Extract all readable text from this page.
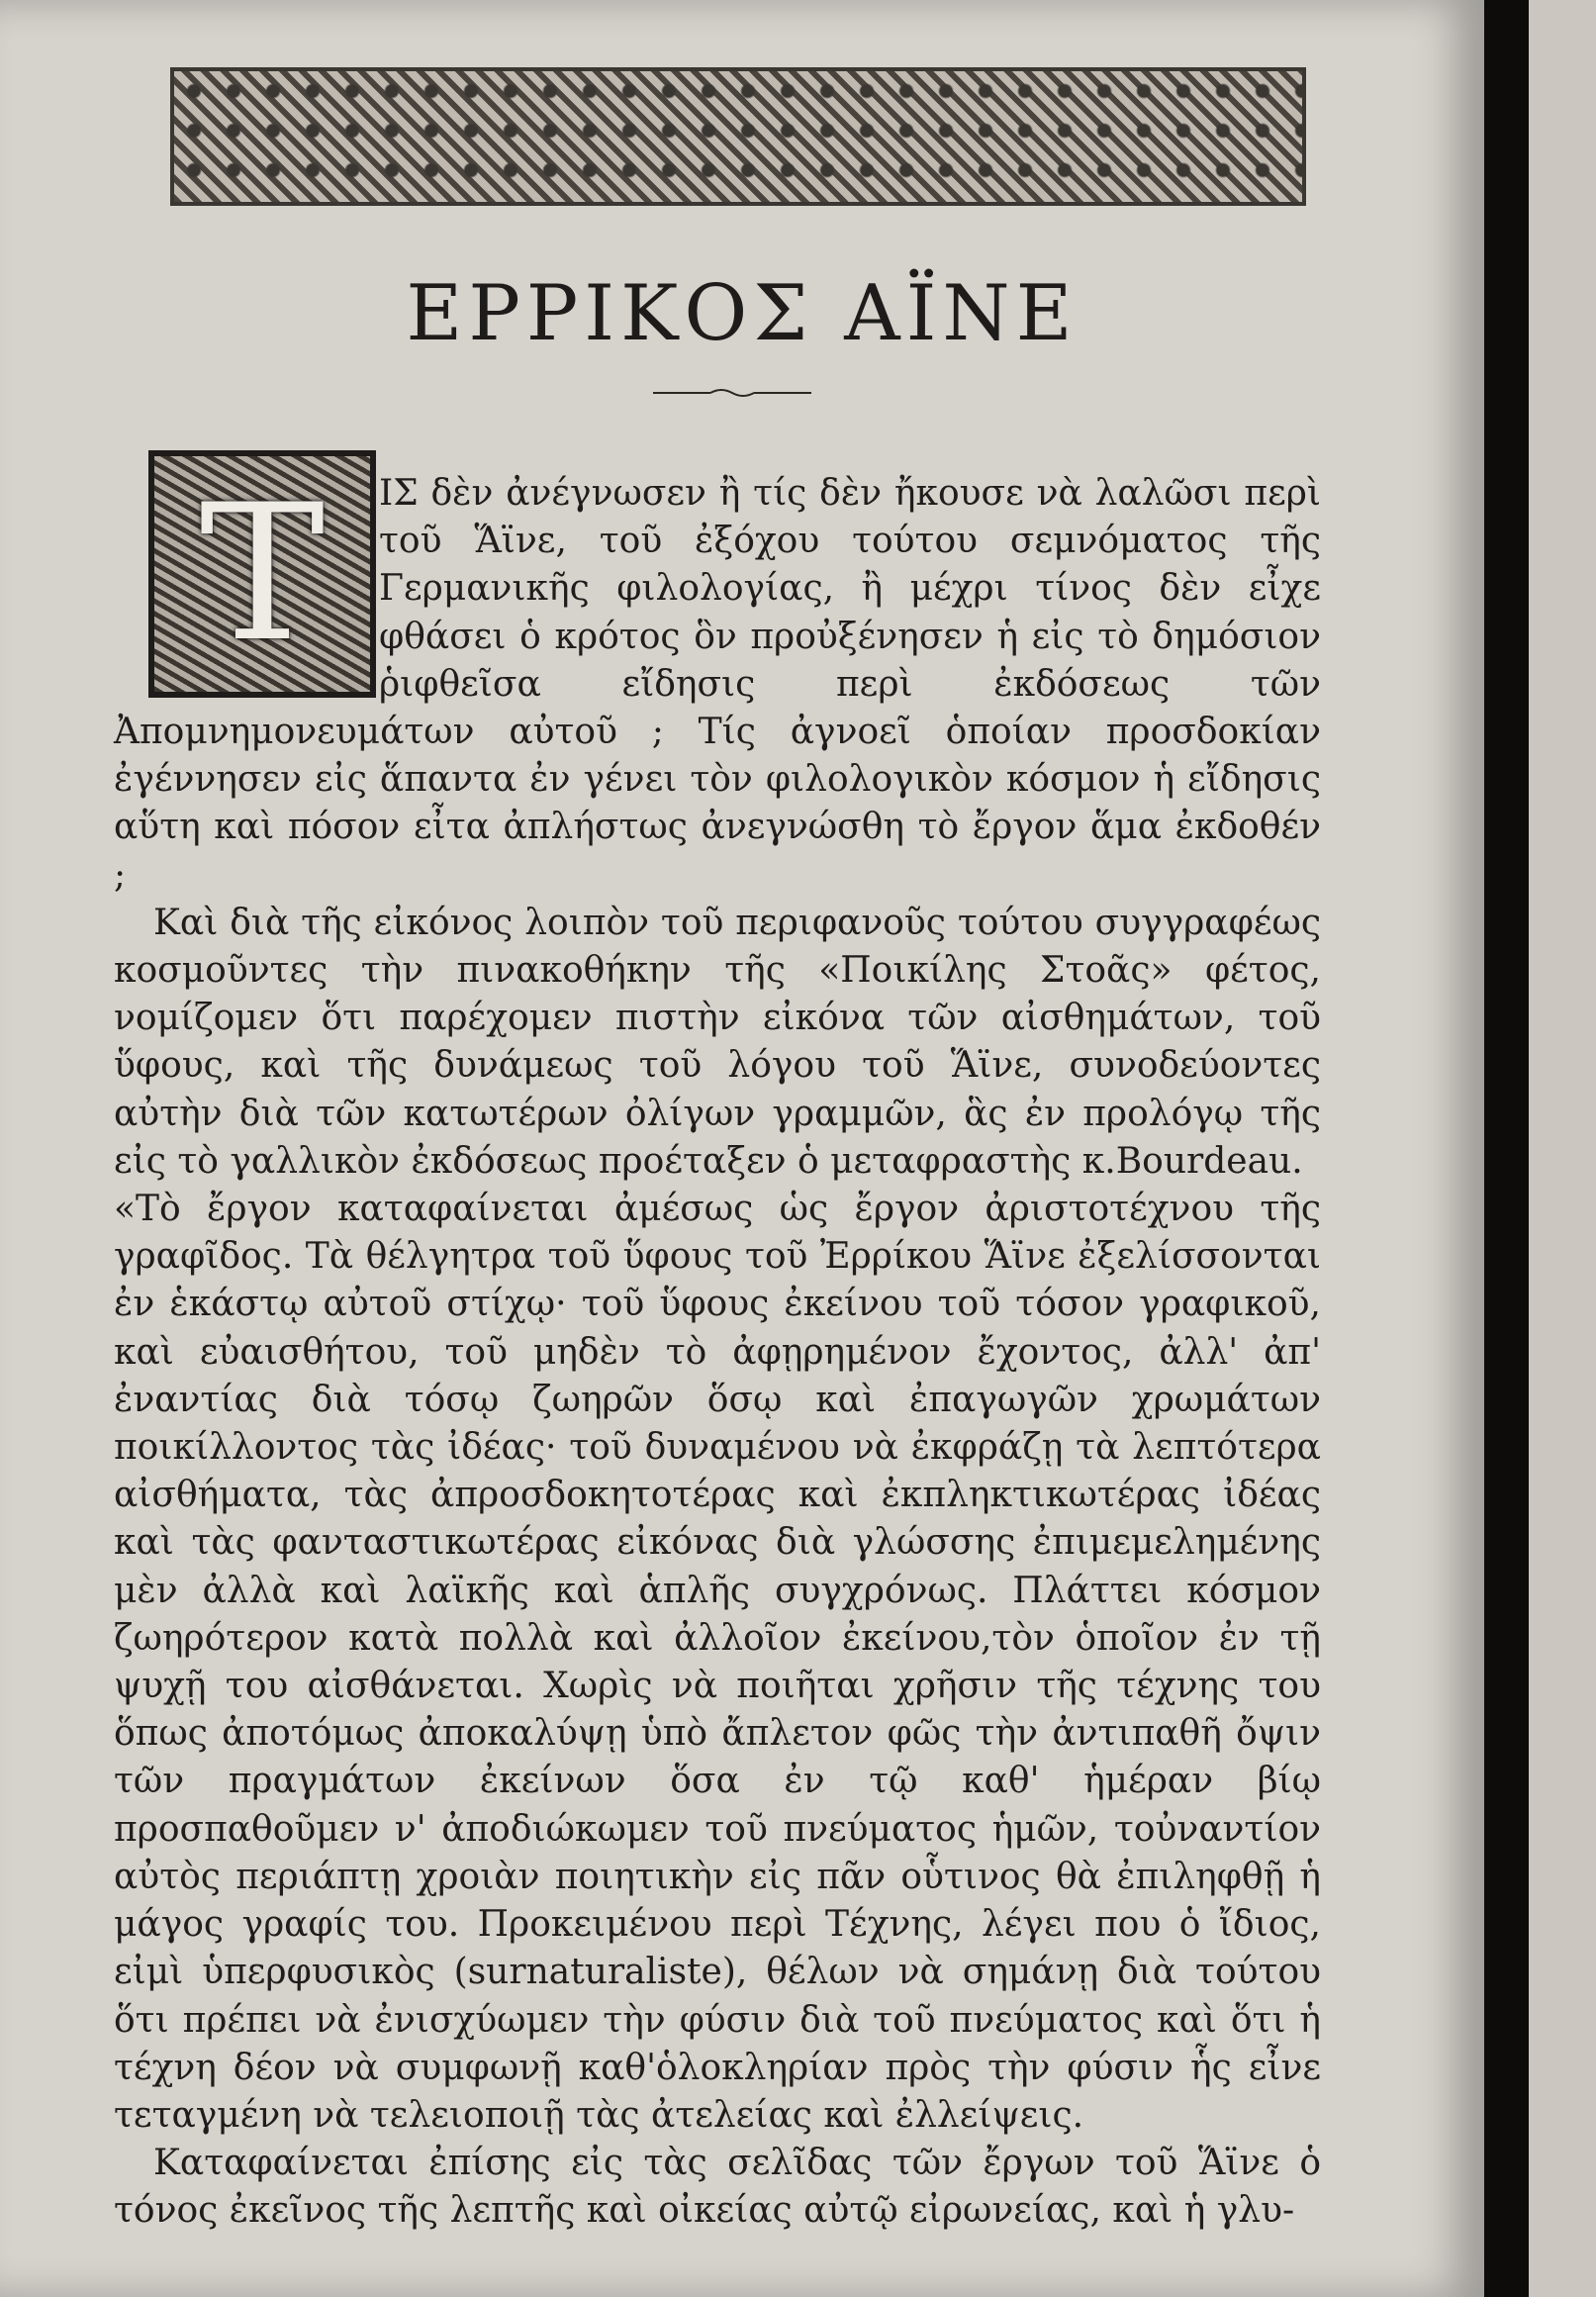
ΕΡΡΙΚΟΣ ΑΪΝΕ
Τ	ΙΣ δὲν ἀνέγνωσεν ἢ τίς δὲν ἤκουσε νὰ λαλῶσι περὶ τοῦ Ἅϊνε, τοῦ ἐξόχου τούτου σεμνόματος τῆς Γερμανικῆς φιλολογίας, ἢ μέχρι τίνος δὲν εἶχε φθάσει ὁ κρότος ὃν προὐξένησεν ἡ εἰς τὸ δημόσιον ῥιφθεῖσα εἴδησις περὶ ἐκδόσεως τῶν Ἀπομνημονευμάτων αὐτοῦ ; Τίς ἀγνοεῖ ὁποίαν προσδοκίαν ἐγέννησεν εἰς ἅπαντα ἐν γένει τὸν φιλολογικὸν κόσμον ἡ εἴδησις αὕτη καὶ πόσον εἶτα ἀπλήστως ἀνεγνώσθη τὸ ἔργον ἅμα ἐκδοθέν ;

Καὶ διὰ τῆς εἰκόνος λοιπὸν τοῦ περιφανοῦς τούτου συγγραφέως κοσμοῦντες τὴν πινακοθήκην τῆς «Ποικίλης Στοᾶς» φέτος, νομίζομεν ὅτι παρέχομεν πιστὴν εἰκόνα τῶν αἰσθημάτων, τοῦ ὕφους, καὶ τῆς δυνάμεως τοῦ λόγου τοῦ Ἅϊνε, συνοδεύοντες αὐτὴν διὰ τῶν κατωτέρων ὀλίγων γραμμῶν, ἃς ἐν προλόγῳ τῆς εἰς τὸ γαλλικὸν ἐκδόσεως προέταξεν ὁ μεταφραστὴς κ.Bourdeau.

«Τὸ ἔργον καταφαίνεται ἀμέσως ὡς ἔργον ἀριστοτέχνου τῆς γραφῖδος. Τὰ θέλγητρα τοῦ ὕφους τοῦ Ἐρρίκου Ἅϊνε ἐξελίσσονται ἐν ἑκάστῳ αὐτοῦ στίχῳ· τοῦ ὕφους ἐκείνου τοῦ τόσον γραφικοῦ, καὶ εὐαισθήτου, τοῦ μηδὲν τὸ ἀφῃρημένον ἔχοντος, ἀλλ' ἀπ' ἐναντίας διὰ τόσῳ ζωηρῶν ὅσῳ καὶ ἐπαγωγῶν χρωμάτων ποικίλλοντος τὰς ἰδέας· τοῦ δυναμένου νὰ ἐκφράζῃ τὰ λεπτότερα αἰσθήματα, τὰς ἀπροσδοκητοτέρας καὶ ἐκπληκτικωτέρας ἰδέας καὶ τὰς φανταστικωτέρας εἰκόνας διὰ γλώσσης ἐπιμεμελημένης μὲν ἀλλὰ καὶ λαϊκῆς καὶ ἁπλῆς συγχρόνως. Πλάττει κόσμον ζωηρότερον κατὰ πολλὰ καὶ ἀλλοῖον ἐκείνου,τὸν ὁποῖον ἐν τῇ ψυχῇ του αἰσθάνεται. Χωρὶς νὰ ποιῆται χρῆσιν τῆς τέχνης του ὅπως ἀποτόμως ἀποκαλύψῃ ὑπὸ ἄπλετον φῶς τὴν ἀντιπαθῆ ὄψιν τῶν πραγμάτων ἐκείνων ὅσα ἐν τῷ καθ' ἡμέραν βίῳ προσπαθοῦμεν ν' ἀποδιώκωμεν τοῦ πνεύματος ἡμῶν, τοὐναντίον αὐτὸς περιάπτῃ χροιὰν ποιητικὴν εἰς πᾶν οὗτινος θὰ ἐπιληφθῇ ἡ μάγος γραφίς του. Προκειμένου περὶ Τέχνης, λέγει που ὁ ἴδιος, εἰμὶ ὑπερφυσικὸς (surnaturaliste), θέλων νὰ σημάνῃ διὰ τούτου ὅτι πρέπει νὰ ἐνισχύωμεν τὴν φύσιν διὰ τοῦ πνεύματος καὶ ὅτι ἡ τέχνη δέον νὰ συμφωνῇ καθ'ὁλοκληρίαν πρὸς τὴν φύσιν ἧς εἶνε τεταγμένη νὰ τελειοποιῇ τὰς ἀτελείας καὶ ἐλλείψεις.

Καταφαίνεται ἐπίσης εἰς τὰς σελῖδας τῶν ἔργων τοῦ Ἅϊνε ὁ τόνος ἐκεῖνος τῆς λεπτῆς καὶ οἰκείας αὐτῷ εἰρωνείας, καὶ ἡ γλυ-
